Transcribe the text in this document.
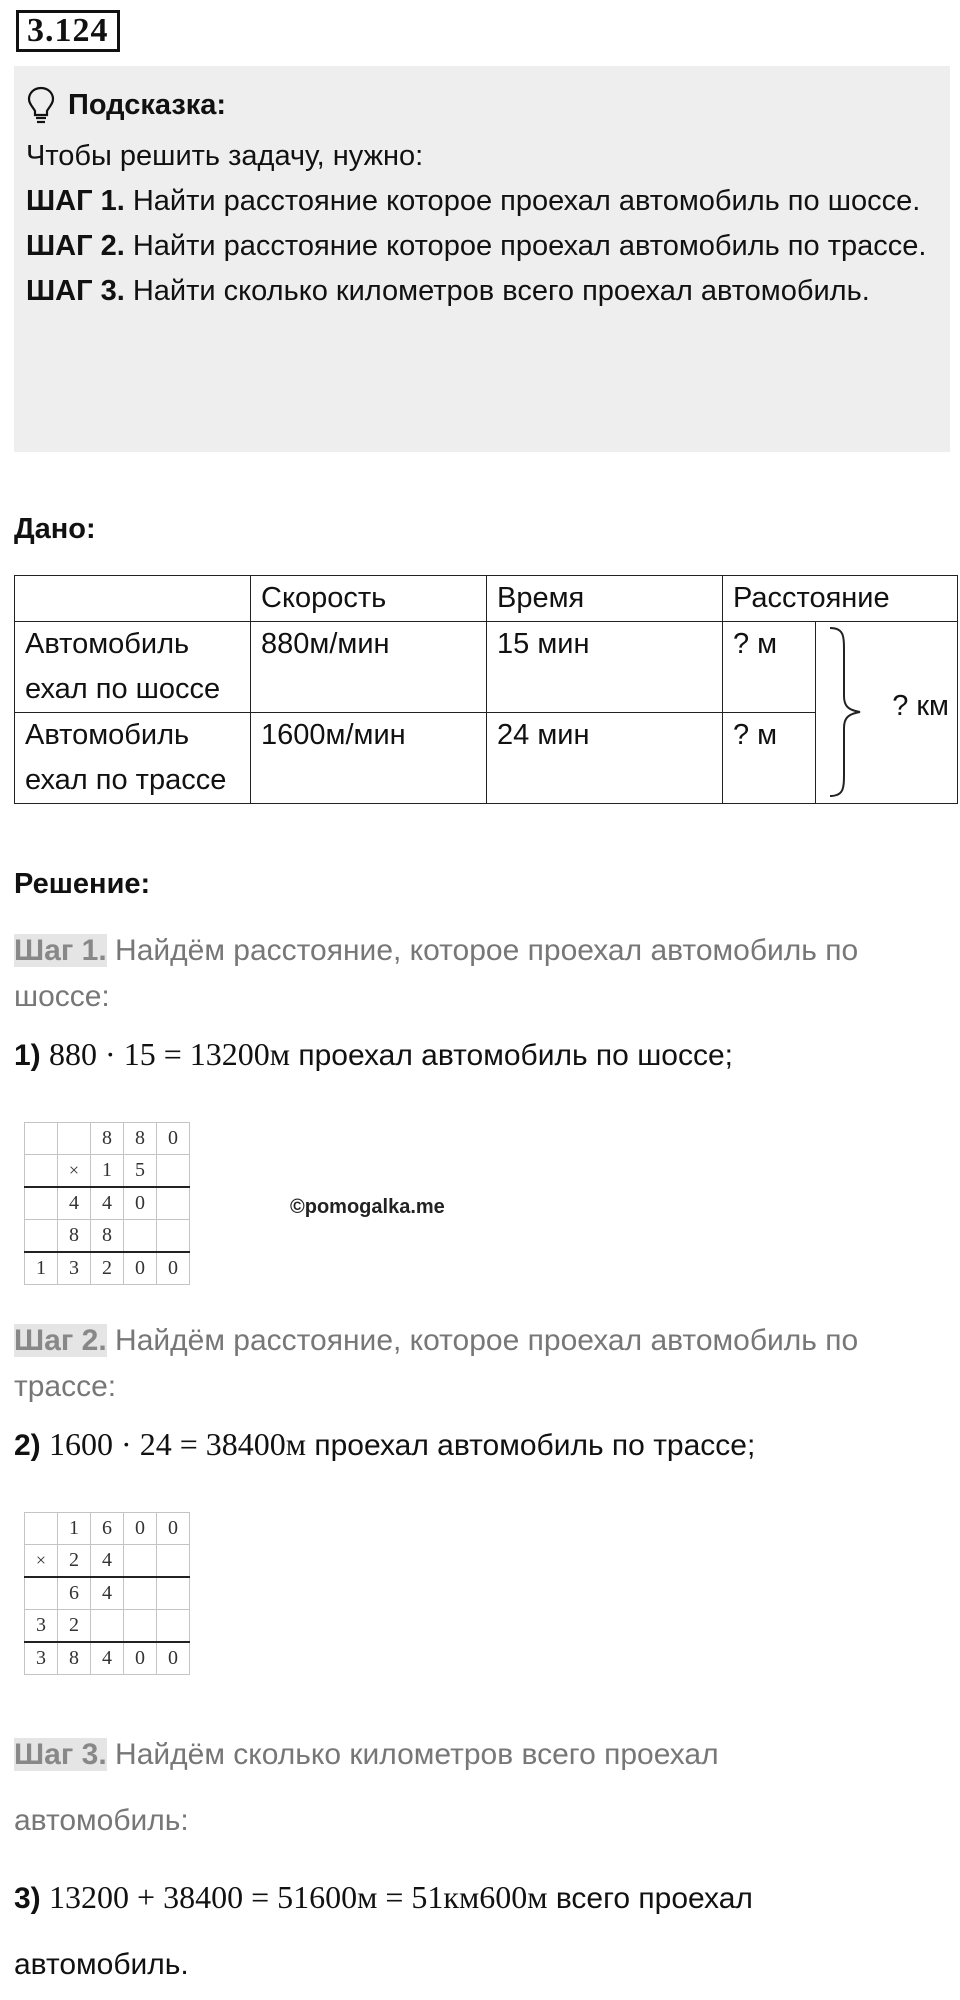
3.124
Подсказка:

Чтобы решить задачу, нужно:

ШАГ 1. Найти расстояние которое проехал автомобиль по шоссе.

ШАГ 2. Найти расстояние которое проехал автомобиль по трассе.

ШАГ 3. Найти сколько километров всего проехал автомобиль.

Дано:
	Скорость	Время	Расстояние	

Автомобиль
ехал по шоссе	880м/мин	15 мин	? м	? км

Автомобиль
ехал по трассе	1600м/мин	24 мин	? м	
Решение:
Шаг 1. Найдём расстояние, которое проехал автомобиль по
шоссе:
1) 880 · 15 = 13200м проехал автомобиль по шоссе;
		8	8	0
	×	1	5	
	4	4	0	
	8	8		
1	3	2	0	0
©pomogalka.me
Шаг 2. Найдём расстояние, которое проехал автомобиль по
трассе:
2) 1600 · 24 = 38400м проехал автомобиль по трассе;
	1	6	0	0
×	2	4		
	6	4		
3	2			
3	8	4	0	0
Шаг 3. Найдём сколько километров всего проехал
автомобиль:
3) 13200 + 38400 = 51600м = 51км600м всего проехал
автомобиль.
